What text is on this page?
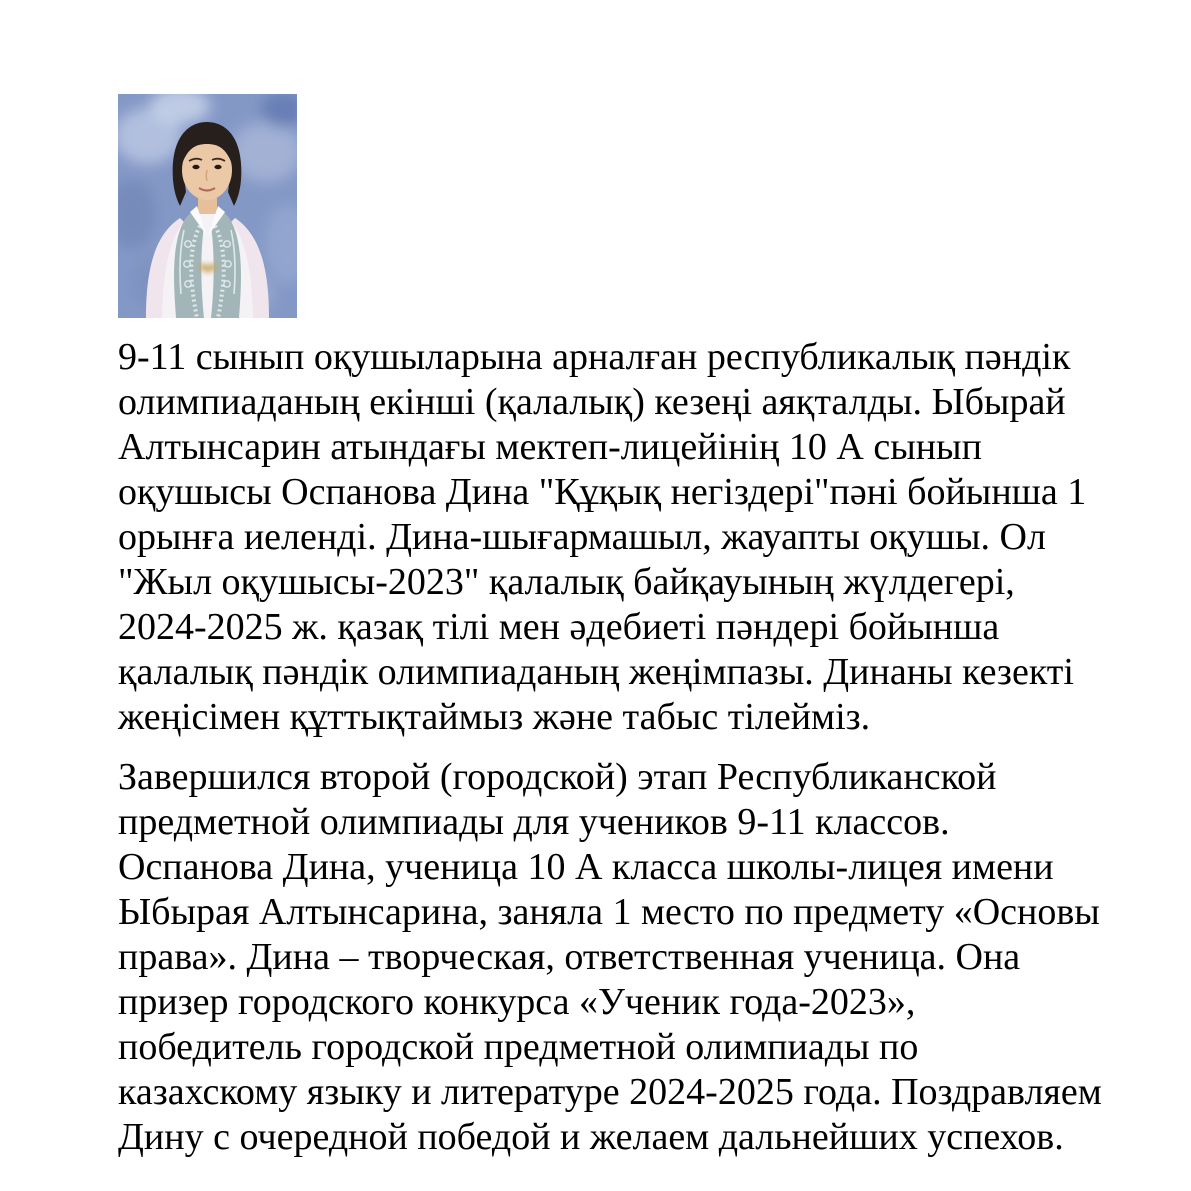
9-11 сынып оқушыларына арналған республикалық пәндік
олимпиаданың екінші (қалалық) кезеңі аяқталды. Ыбырай
Алтынсарин атындағы мектеп-лицейінің 10 А сынып
оқушысы Оспанова Дина "Құқық негіздері"пәні бойынша 1
орынға иеленді. Дина-шығармашыл, жауапты оқушы. Ол
"Жыл оқушысы-2023" қалалық байқауының жүлдегері,
2024-2025 ж. қазақ тілі мен әдебиеті пәндері бойынша
қалалық пәндік олимпиаданың жеңімпазы. Динаны кезекті
жеңісімен құттықтаймыз және табыс тілейміз.

Завершился второй (городской) этап Республиканской
предметной олимпиады для учеников 9-11 классов.
Оспанова Дина, ученица 10 А класса школы-лицея имени
Ыбырая Алтынсарина, заняла 1 место по предмету «Основы
права». Дина – творческая, ответственная ученица. Она
призер городского конкурса «Ученик года-2023»,
победитель городской предметной олимпиады по
казахскому языку и литературе 2024-2025 года. Поздравляем
Дину с очередной победой и желаем дальнейших успехов.
